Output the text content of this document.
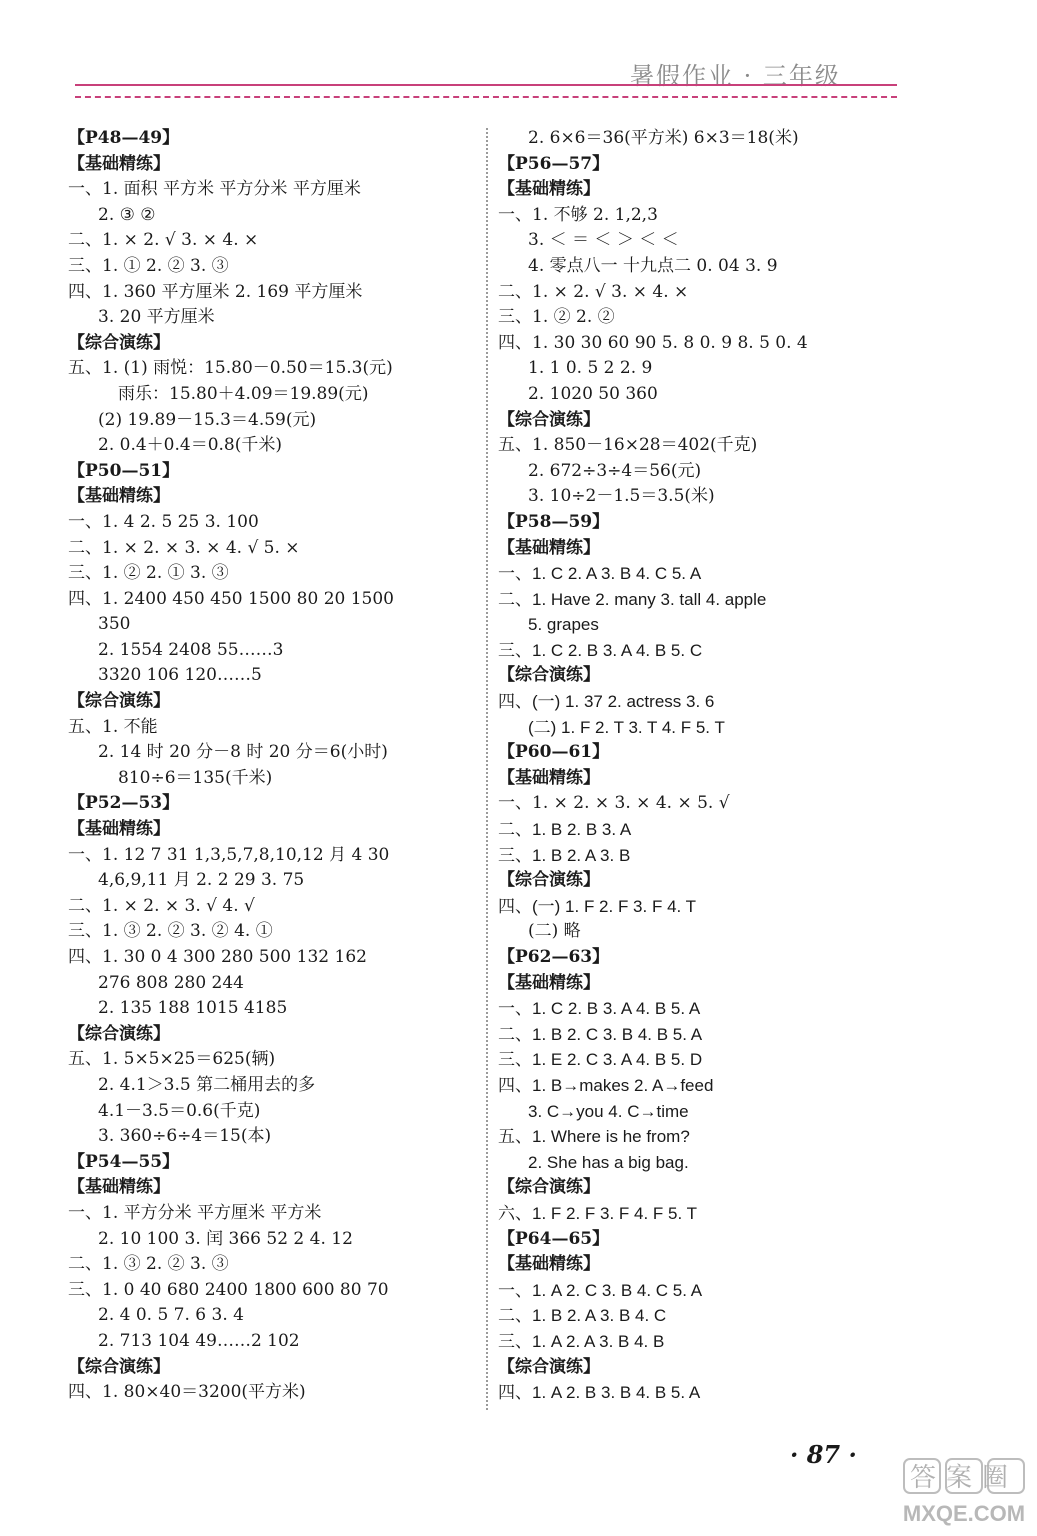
暑假作业 · 三年级
【P48—49】
【基础精练】
一、1. 面积 平方米 平方分米 平方厘米
2. ③ ②
二、1. × 2. √ 3. × 4. ×
三、1. ① 2. ② 3. ③
四、1. 360 平方厘米 2. 169 平方厘米
3. 20 平方厘米
【综合演练】
五、1. (1) 雨悦：15.80－0.50＝15.3(元)
雨乐：15.80＋4.09＝19.89(元)
(2) 19.89－15.3＝4.59(元)
2. 0.4＋0.4＝0.8(千米)
【P50—51】
【基础精练】
一、1. 4 2. 5 25 3. 100
二、1. × 2. × 3. × 4. √ 5. ×
三、1. ② 2. ① 3. ③
四、1. 2400 450 450 1500 80 20 1500
350
2. 1554 2408 55……3
3320 106 120……5
【综合演练】
五、1. 不能
2. 14 时 20 分－8 时 20 分＝6(小时)
810÷6＝135(千米)
【P52—53】
【基础精练】
一、1. 12 7 31 1,3,5,7,8,10,12 月 4 30
4,6,9,11 月 2. 2 29 3. 75
二、1. × 2. × 3. √ 4. √
三、1. ③ 2. ② 3. ② 4. ①
四、1. 30 0 4 300 280 500 132 162
276 808 280 244
2. 135 188 1015 4185
【综合演练】
五、1. 5×5×25＝625(辆)
2. 4.1＞3.5 第二桶用去的多
4.1－3.5＝0.6(千克)
3. 360÷6÷4＝15(本)
【P54—55】
【基础精练】
一、1. 平方分米 平方厘米 平方米
2. 10 100 3. 闰 366 52 2 4. 12
二、1. ③ 2. ② 3. ③
三、1. 0 40 680 2400 1800 600 80 70
2. 4 0. 5 7. 6 3. 4
2. 713 104 49……2 102
【综合演练】
四、1. 80×40＝3200(平方米)
2. 6×6＝36(平方米) 6×3＝18(米)
【P56—57】
【基础精练】
一、1. 不够 2. 1,2,3
3. ＜ ＝ ＜ ＞ ＜ ＜
4. 零点八一 十九点二 0. 04 3. 9
二、1. × 2. √ 3. × 4. ×
三、1. ② 2. ②
四、1. 30 30 60 90 5. 8 0. 9 8. 5 0. 4
1. 1 0. 5 2 2. 9
2. 1020 50 360
【综合演练】
五、1. 850－16×28＝402(千克)
2. 672÷3÷4＝56(元)
3. 10÷2－1.5＝3.5(米)
【P58—59】
【基础精练】
一、1. C 2. A 3. B 4. C 5. A
二、1. Have 2. many 3. tall 4. apple
5. grapes
三、1. C 2. B 3. A 4. B 5. C
【综合演练】
四、(一) 1. 37 2. actress 3. 6
(二) 1. F 2. T 3. T 4. F 5. T
【P60—61】
【基础精练】
一、1. × 2. × 3. × 4. × 5. √
二、1. B 2. B 3. A
三、1. B 2. A 3. B
【综合演练】
四、(一) 1. F 2. F 3. F 4. T
(二) 略
【P62—63】
【基础精练】
一、1. C 2. B 3. A 4. B 5. A
二、1. B 2. C 3. B 4. B 5. A
三、1. E 2. C 3. A 4. B 5. D
四、1. B→makes 2. A→feed
3. C→you 4. C→time
五、1. Where is he from?
2. She has a big bag.
【综合演练】
六、1. F 2. F 3. F 4. F 5. T
【P64—65】
【基础精练】
一、1. A 2. C 3. B 4. C 5. A
二、1. B 2. A 3. B 4. C
三、1. A 2. A 3. B 4. B
【综合演练】
四、1. A 2. B 3. B 4. B 5. A
· 87 ·
答案圈
MXQE.COM
